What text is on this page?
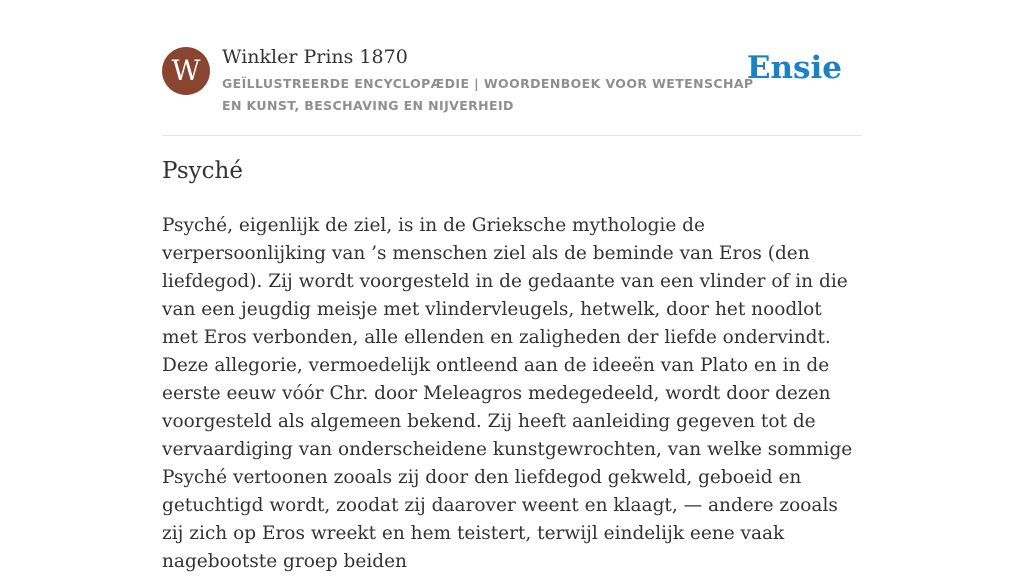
W	Winkler Prins 1870
GEÏLLUSTREERDE ENCYCLOPÆDIE | WOORDENBOEK VOOR WETENSCHAP EN KUNST, BESCHAVING EN NIJVERHEID
Ensie
Psyché

Psyché, eigenlijk de ziel, is in de Grieksche mythologie de verpersoonlijking van ’s menschen ziel als de beminde van Eros (den liefdegod). Zij wordt voorgesteld in de gedaante van een vlinder of in die van een jeugdig meisje met vlindervleugels, hetwelk, door het noodlot met Eros verbonden, alle ellenden en zaligheden der liefde ondervindt. Deze allegorie, vermoedelijk ontleend aan de ideeën van Plato en in de eerste eeuw vóór Chr. door Meleagros medegedeeld, wordt door dezen voorgesteld als algemeen bekend. Zij heeft aanleiding gegeven tot de vervaardiging van onderscheidene kunstgewrochten, van welke sommige Psyché vertoonen zooals zij door den liefdegod gekweld, geboeid en getuchtigd wordt, zoodat zij daarover weent en klaagt, — andere zooals zij zich op Eros wreekt en hem teistert, terwijl eindelijk eene vaak nagebootste groep beiden
